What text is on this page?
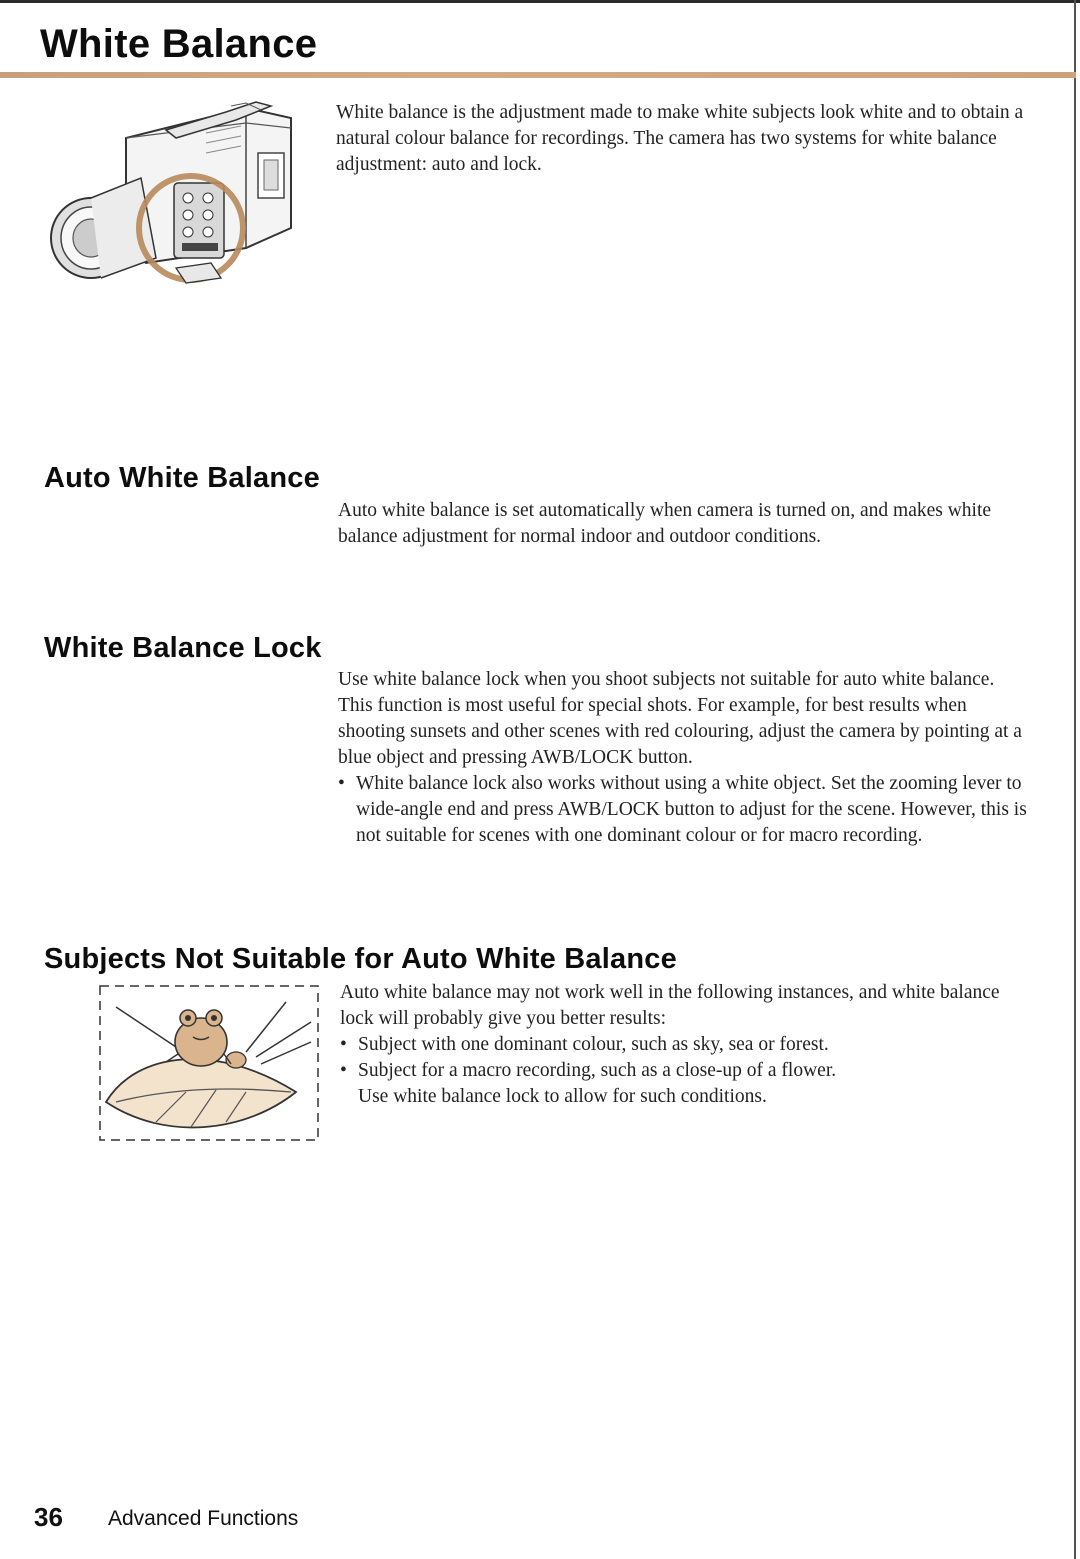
White Balance

White balance is the adjustment made to make white subjects look white and to obtain a natural colour balance for recordings. The camera has two systems for white balance adjustment: auto and lock.

Auto White Balance

Auto white balance is set automatically when camera is turned on, and makes white balance adjustment for normal indoor and outdoor conditions.

White Balance Lock

Use white balance lock when you shoot subjects not suitable for auto white balance. This function is most useful for special shots. For example, for best results when shooting sunsets and other scenes with red colouring, adjust the camera by pointing at a blue object and pressing AWB/LOCK button.

• White balance lock also works without using a white object. Set the zooming lever to wide-angle end and press AWB/LOCK button to adjust for the scene. However, this is not suitable for scenes with one dominant colour or for macro recording.
Subjects Not Suitable for Auto White Balance

Auto white balance may not work well in the following instances, and white balance lock will probably give you better results:

• Subject with one dominant colour, such as sky, sea or forest.
• Subject for a macro recording, such as a close-up of a flower.

Use white balance lock to allow for such conditions.

36 Advanced Functions
